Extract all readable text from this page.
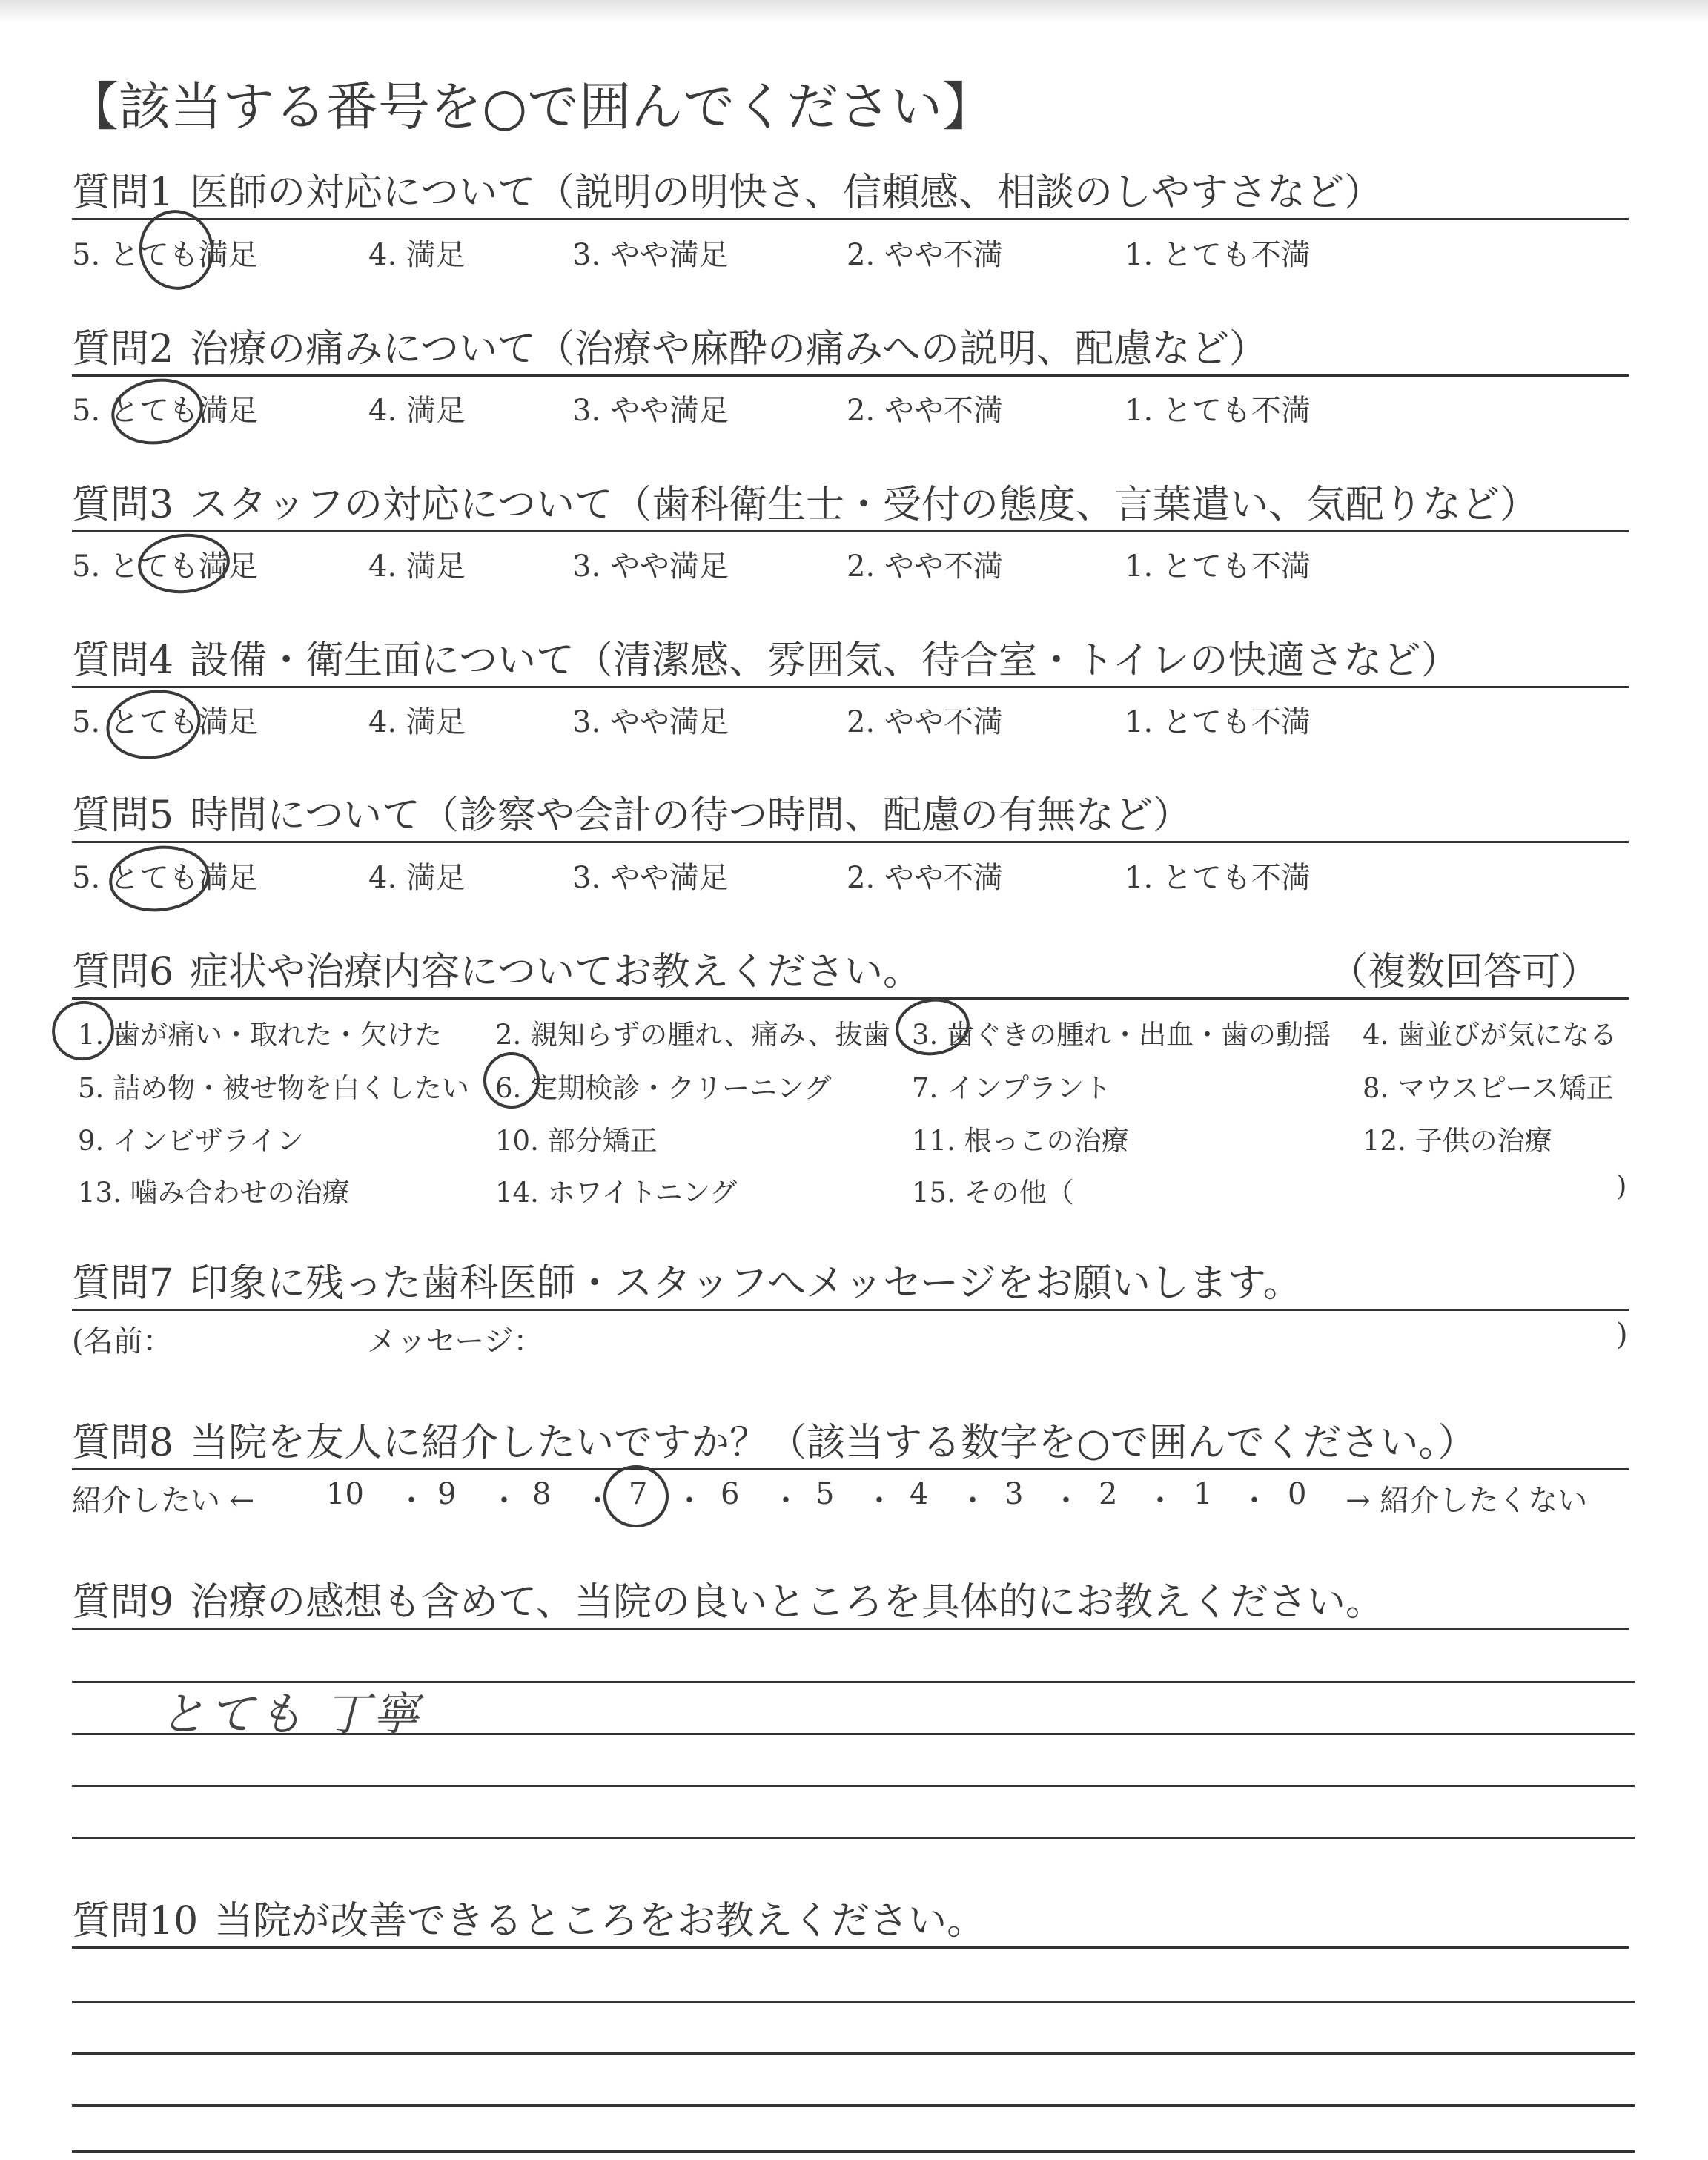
【該当する番号を○で囲んでください】
質問1 医師の対応について（説明の明快さ、信頼感、相談のしやすさなど）
5. とても満足	4. 満足	3. やや満足	2. やや不満	1. とても不満
質問2 治療の痛みについて（治療や麻酔の痛みへの説明、配慮など）
5. とても満足	4. 満足	3. やや満足	2. やや不満	1. とても不満
質問3 スタッフの対応について（歯科衛生士・受付の態度、言葉遣い、気配りなど）
5. とても満足	4. 満足	3. やや満足	2. やや不満	1. とても不満
質問4 設備・衛生面について（清潔感、雰囲気、待合室・トイレの快適さなど）
5. とても満足	4. 満足	3. やや満足	2. やや不満	1. とても不満
質問5 時間について（診察や会計の待つ時間、配慮の有無など）
5. とても満足	4. 満足	3. やや満足	2. やや不満	1. とても不満
質問6 症状や治療内容についてお教えください。	（複数回答可）
1. 歯が痛い・取れた・欠けた 2. 親知らずの腫れ、痛み、抜歯 3. 歯ぐきの腫れ・出血・歯の動揺 4. 歯並びが気になる
5. 詰め物・被せ物を白くしたい 6. 定期検診・クリーニング	7. インプラント	8. マウスピース矯正
9. インビザライン	10. 部分矯正	11. 根っこの治療	12. 子供の治療
13. 噛み合わせの治療	14. ホワイトニング	15. その他（	)
質問7 印象に残った歯科医師・スタッフへメッセージをお願いします。
(名前：	メッセージ：	)
質問8 当院を友人に紹介したいですか？（該当する数字を○で囲んでください。）
紹介したい ← 10 ・ 9 ・ 8 ・ 7 ・ 6 ・ 5 ・ 4 ・ 3 ・ 2 ・ 1 ・ 0 → 紹介したくない
質問9 治療の感想も含めて、当院の良いところを具体的にお教えください。
とても 丁寧
質問10 当院が改善できるところをお教えください。
